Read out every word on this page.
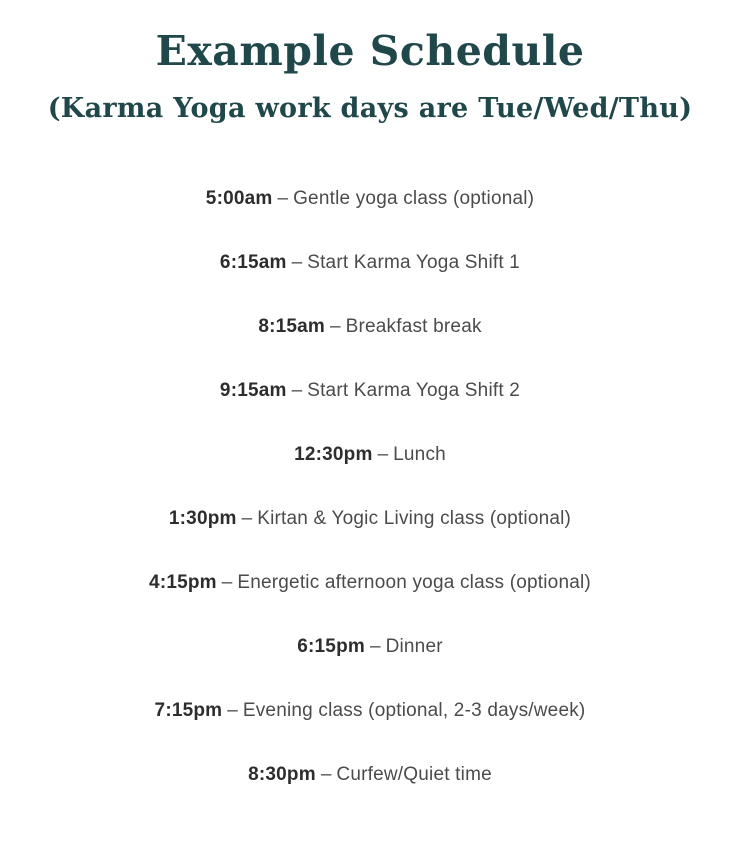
Example Schedule
(Karma Yoga work days are Tue/Wed/Thu)
5:00am – Gentle yoga class (optional)
6:15am – Start Karma Yoga Shift 1
8:15am – Breakfast break
9:15am – Start Karma Yoga Shift 2
12:30pm – Lunch
1:30pm – Kirtan & Yogic Living class (optional)
4:15pm – Energetic afternoon yoga class (optional)
6:15pm – Dinner
7:15pm – Evening class (optional, 2-3 days/week)
8:30pm – Curfew/Quiet time
